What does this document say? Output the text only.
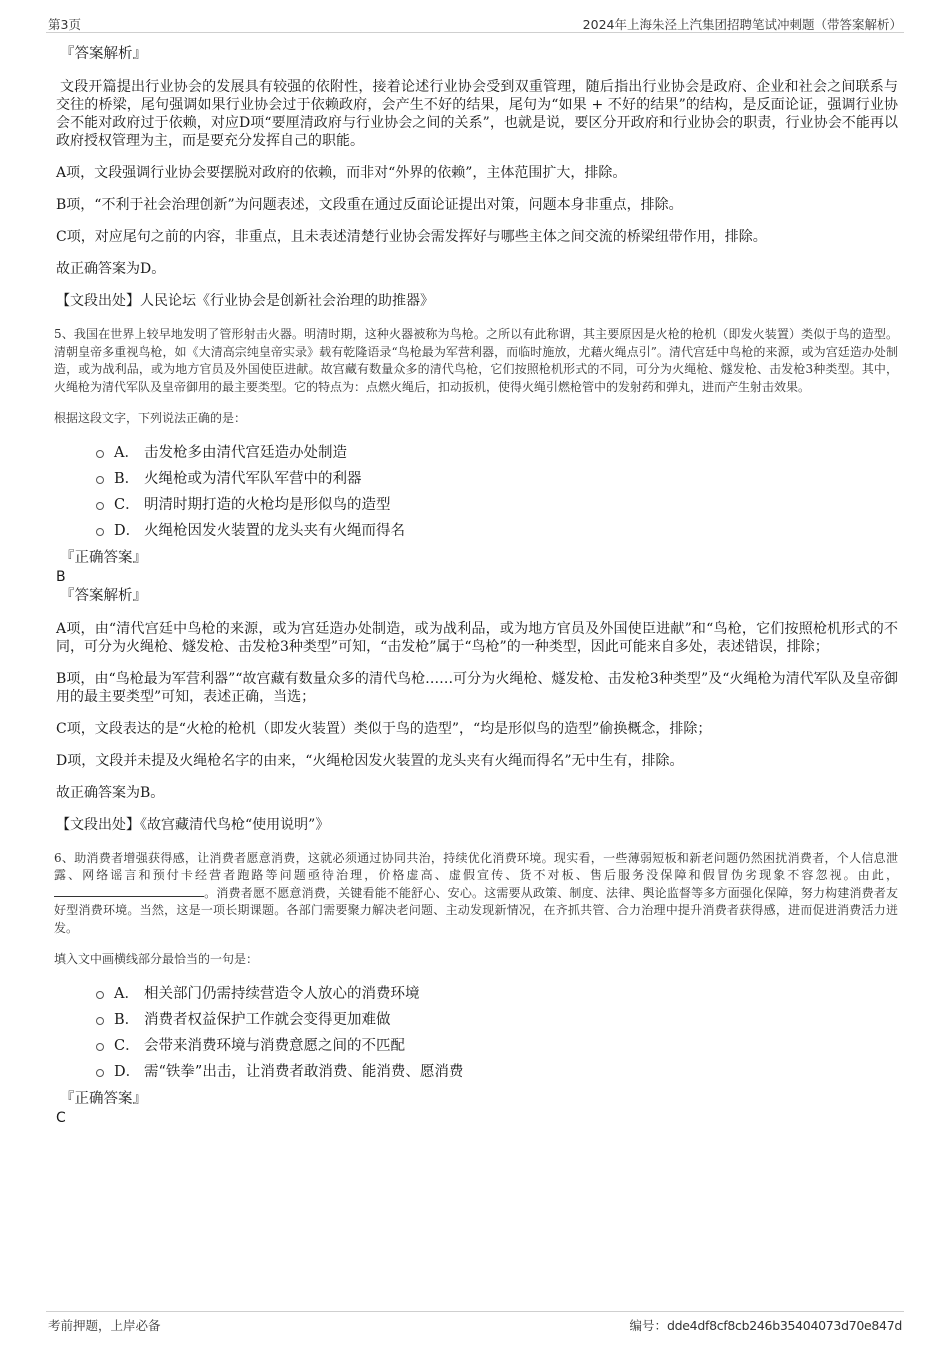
第3页	2024年上海朱泾上汽集团招聘笔试冲刺题（带答案解析）

『答案解析』

文段开篇提出行业协会的发展具有较强的依附性，接着论述行业协会受到双重管理，随后指出行业协会是政府、企业和社会之间联系与交往的桥梁，尾句强调如果行业协会过于依赖政府，会产生不好的结果，尾句为“如果 + 不好的结果”的结构，是反面论证，强调行业协会不能对政府过于依赖，对应D项“要厘清政府与行业协会之间的关系”，也就是说，要区分开政府和行业协会的职责，行业协会不能再以政府授权管理为主，而是要充分发挥自己的职能。

A项，文段强调行业协会要摆脱对政府的依赖，而非对“外界的依赖”，主体范围扩大，排除。

B项，“不利于社会治理创新”为问题表述，文段重在通过反面论证提出对策，问题本身非重点，排除。

C项，对应尾句之前的内容，非重点，且未表述清楚行业协会需发挥好与哪些主体之间交流的桥梁纽带作用，排除。

故正确答案为D。

【文段出处】人民论坛《行业协会是创新社会治理的助推器》

5、我国在世界上较早地发明了管形射击火器。明清时期，这种火器被称为鸟枪。之所以有此称谓，其主要原因是火枪的枪机（即发火装置）类似于鸟的造型。清朝皇帝多重视鸟枪，如《大清高宗纯皇帝实录》载有乾隆语录“鸟枪最为军营利器，而临时施放，尤藉火绳点引”。清代宫廷中鸟枪的来源，或为宫廷造办处制造，或为战利品，或为地方官员及外国使臣进献。故宫藏有数量众多的清代鸟枪，它们按照枪机形式的不同，可分为火绳枪、燧发枪、击发枪3种类型。其中，火绳枪为清代军队及皇帝御用的最主要类型。它的特点为：点燃火绳后，扣动扳机，使得火绳引燃枪管中的发射药和弹丸，进而产生射击效果。

根据这段文字，下列说法正确的是：

A． 击发枪多由清代宫廷造办处制造
B． 火绳枪或为清代军队军营中的利器
C． 明清时期打造的火枪均是形似鸟的造型
D． 火绳枪因发火装置的龙头夹有火绳而得名

『正确答案』

B

『答案解析』

A项，由“清代宫廷中鸟枪的来源，或为宫廷造办处制造，或为战利品，或为地方官员及外国使臣进献”和“鸟枪，它们按照枪机形式的不同，可分为火绳枪、燧发枪、击发枪3种类型”可知，“击发枪”属于“鸟枪”的一种类型，因此可能来自多处，表述错误，排除；

B项，由“鸟枪最为军营利器”“故宫藏有数量众多的清代鸟枪……可分为火绳枪、燧发枪、击发枪3种类型”及“火绳枪为清代军队及皇帝御用的最主要类型”可知，表述正确，当选；

C项，文段表达的是“火枪的枪机（即发火装置）类似于鸟的造型”，“均是形似鸟的造型”偷换概念，排除；

D项，文段并未提及火绳枪名字的由来，“火绳枪因发火装置的龙头夹有火绳而得名”无中生有，排除。

故正确答案为B。

【文段出处】《故宫藏清代鸟枪“使用说明”》

6、助消费者增强获得感，让消费者愿意消费，这就必须通过协同共治，持续优化消费环境。现实看，一些薄弱短板和新老问题仍然困扰消费者，个人信息泄露、网络谣言和预付卡经营者跑路等问题亟待治理，价格虚高、虚假宣传、货不对板、售后服务没保障和假冒伪劣现象不容忽视。由此，。消费者愿不愿意消费，关键看能不能舒心、安心。这需要从政策、制度、法律、舆论监督等多方面强化保障，努力构建消费者友好型消费环境。当然，这是一项长期课题。各部门需要聚力解决老问题、主动发现新情况，在齐抓共管、合力治理中提升消费者获得感，进而促进消费活力迸发。

填入文中画横线部分最恰当的一句是：

A． 相关部门仍需持续营造令人放心的消费环境
B． 消费者权益保护工作就会变得更加难做
C． 会带来消费环境与消费意愿之间的不匹配
D． 需“铁拳”出击，让消费者敢消费、能消费、愿消费

『正确答案』

C

考前押题，上岸必备	编号：dde4df8cf8cb246b35404073d70e847d
